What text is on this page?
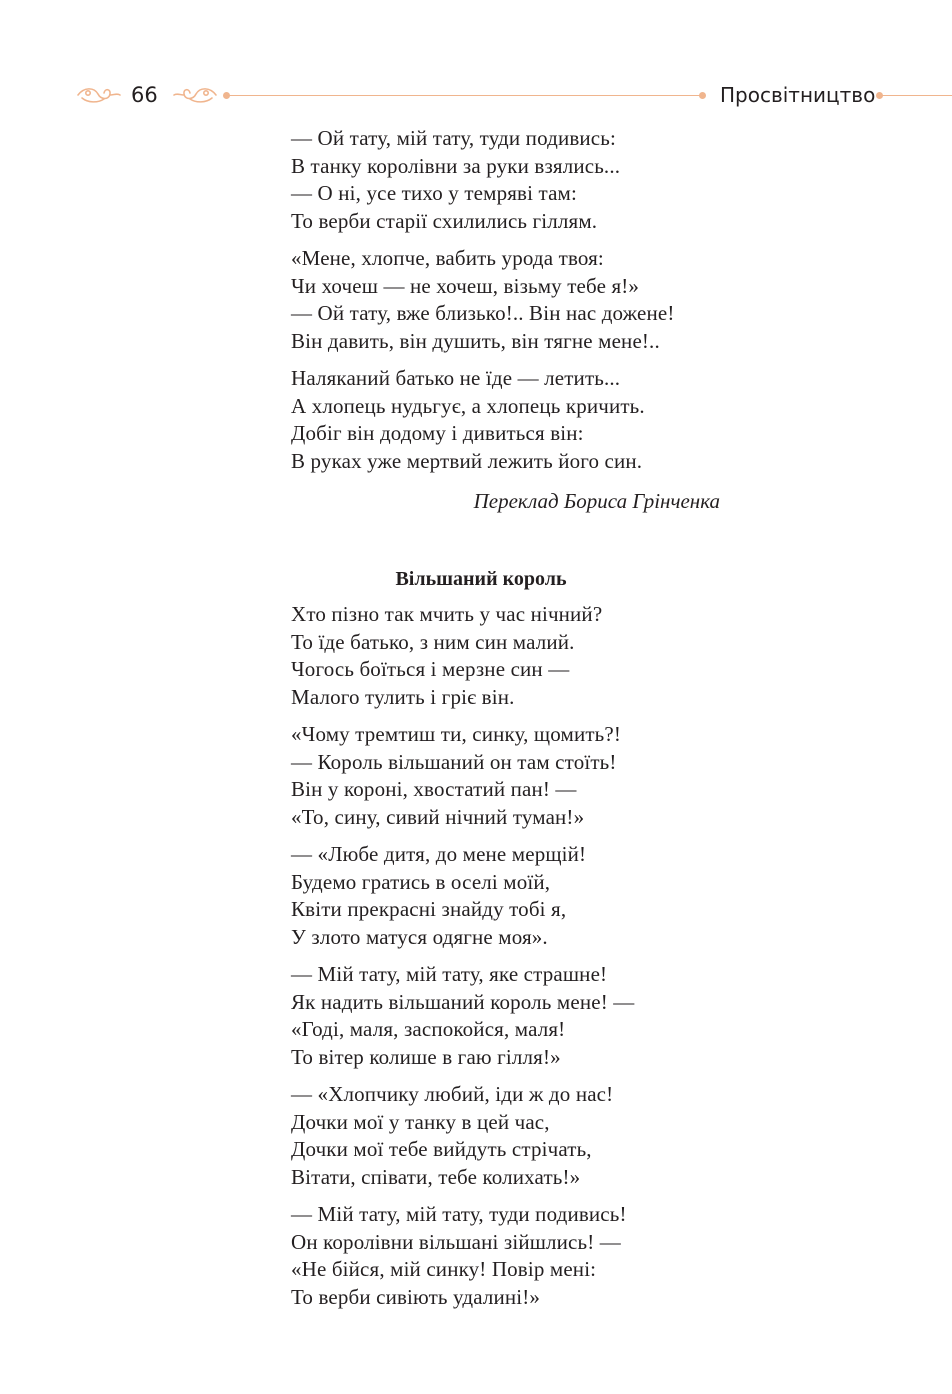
66	Просвітництво
— Ой тату, мій тату, туди подивись:
В танку королівни за руки взялись...
— О ні, усе тихо у темряві там:
То верби старії схилились гіллям.
«Мене, хлопче, вабить урода твоя:
Чи хочеш — не хочеш, візьму тебе я!»
— Ой тату, вже близько!.. Він нас дожене!
Він давить, він душить, він тягне мене!..
Наляканий батько не їде — летить...
А хлопець нудьгує, а хлопець кричить.
Добіг він додому і дивиться він:
В руках уже мертвий лежить його син.
Переклад Бориса Грінченка
Вільшаний король
Хто пізно так мчить у час нічний?
То їде батько, з ним син малий.
Чогось боїться і мерзне син —
Малого тулить і гріє він.
«Чому тремтиш ти, синку, щомить?!
— Король вільшаний он там стоїть!
Він у короні, хвостатий пан! —
«То, сину, сивий нічний туман!»
— «Любе дитя, до мене мерщій!
Будемо гратись в оселі моїй,
Квіти прекрасні знайду тобі я,
У злото матуся одягне моя».
— Мій тату, мій тату, яке страшне!
Як надить вільшаний король мене! —
«Годі, маля, заспокойся, маля!
То вітер колише в гаю гілля!»
— «Хлопчику любий, іди ж до нас!
Дочки мої у танку в цей час,
Дочки мої тебе вийдуть стрічать,
Вітати, співати, тебе колихать!»
— Мій тату, мій тату, туди подивись!
Он королівни вільшані зійшлись! —
«Не бійся, мій синку! Повір мені:
То верби сивіють удалині!»
